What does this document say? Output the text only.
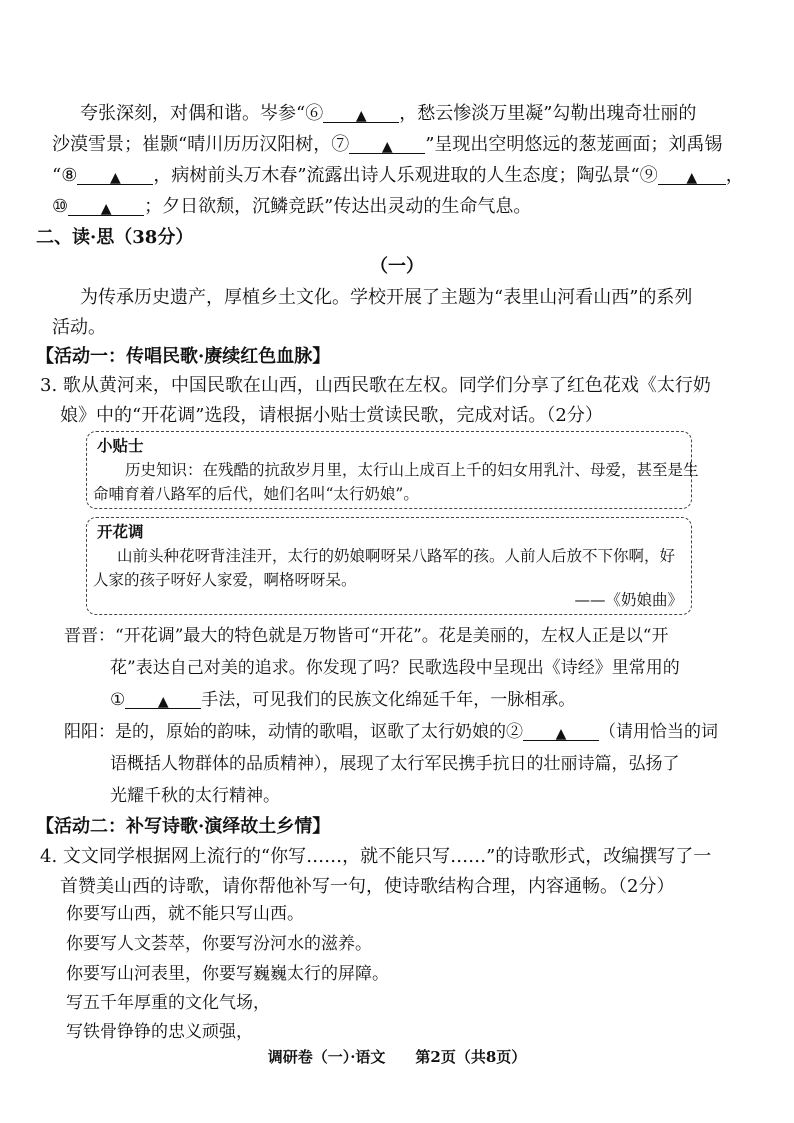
夸张深刻，对偶和谐。岑参“⑥ ▲ ，愁云惨淡万里凝”勾勒出瑰奇壮丽的
沙漠雪景；崔颢“晴川历历汉阳树，⑦ ▲ ”呈现出空明悠远的葱茏画面；刘禹锡
“⑧ ▲ ，病树前头万木春”流露出诗人乐观进取的人生态度；陶弘景“⑨ ▲ ，
⑩ ▲ ；夕日欲颓，沉鳞竞跃”传达出灵动的生命气息。
二、读·思（38分）
（一）
为传承历史遗产，厚植乡土文化。学校开展了主题为“表里山河看山西”的系列
活动。
【活动一：传唱民歌·赓续红色血脉】
3. 歌从黄河来，中国民歌在山西，山西民歌在左权。同学们分享了红色花戏《太行奶
娘》中的“开花调”选段，请根据小贴士赏读民歌，完成对话。（2分）
小贴士
历史知识：在残酷的抗敌岁月里，太行山上成百上千的妇女用乳汁、母爱，甚至是生
命哺育着八路军的后代，她们名叫“太行奶娘”。
开花调
山前头种花呀背洼洼开，太行的奶娘啊呀呆八路军的孩。人前人后放不下你啊，好
人家的孩子呀好人家爱，啊格呀呀呆。
——《奶娘曲》
晋晋：“开花调”最大的特色就是万物皆可“开花”。花是美丽的，左权人正是以“开
花”表达自己对美的追求。你发现了吗？民歌选段中呈现出《诗经》里常用的
① ▲ 手法，可见我们的民族文化绵延千年，一脉相承。
阳阳：是的，原始的韵味，动情的歌唱，讴歌了太行奶娘的② ▲ （请用恰当的词
语概括人物群体的品质精神），展现了太行军民携手抗日的壮丽诗篇，弘扬了
光耀千秋的太行精神。
【活动二：补写诗歌·演绎故土乡情】
4. 文文同学根据网上流行的“你写……，就不能只写……”的诗歌形式，改编撰写了一
首赞美山西的诗歌，请你帮他补写一句，使诗歌结构合理，内容通畅。（2分）
你要写山西，就不能只写山西。
你要写人文荟萃，你要写汾河水的滋养。
你要写山河表里，你要写巍巍太行的屏障。
写五千年厚重的文化气场，
调研卷（一）·语文　　第2页（共8页）
写铁骨铮铮的忠义顽强，
